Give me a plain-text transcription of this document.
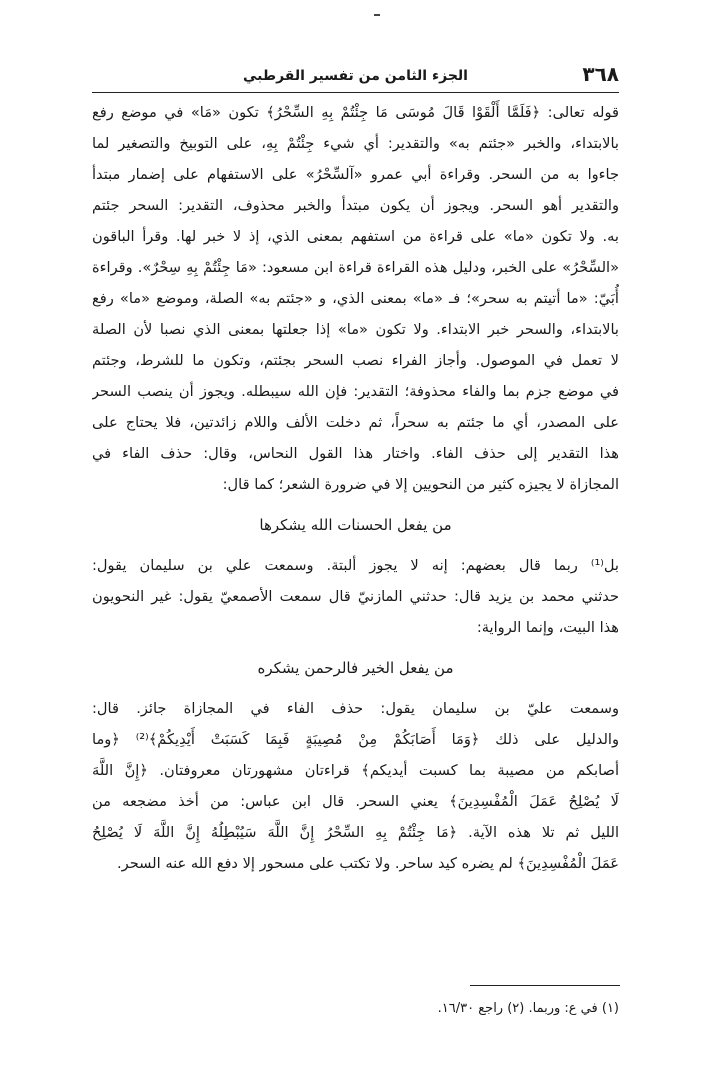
٣٦٨
الجزء الثامن من تفسير القرطبي
قوله تعالى: ﴿فَلَمَّا أَلْقَوْا قَالَ مُوسَى مَا جِئْتُمْ بِهِ السِّحْرُ﴾ تكون «مَا» في موضع رفع
بالابتداء، والخبر «جئتم به» والتقدير: أي شيء جِئْتُمْ بِهِ، على التوبيخ والتصغير لما
جاءوا به من السحر. وقراءة أبي عمرو «آلسِّحْرُ» على الاستفهام على إضمار مبتدأ
والتقدير أهو السحر. ويجوز أن يكون مبتدأ والخبر محذوف، التقدير: السحر جئتم
به. ولا تكون «ما» على قراءة من استفهم بمعنى الذي، إذ لا خبر لها. وقرأ الباقون
«السِّحْرُ» على الخبر، ودليل هذه القراءة قراءة ابن مسعود: «مَا جِئْتُمْ بِهِ سِحْرٌ». وقراءة
أُبَيّ: «ما أتيتم به سحر»؛ فـ «ما» بمعنى الذي، و «جئتم به» الصلة، وموضع «ما» رفع
بالابتداء، والسحر خبر الابتداء. ولا تكون «ما» إذا جعلتها بمعنى الذي نصبا لأن الصلة
لا تعمل في الموصول. وأجاز الفراء نصب السحر بجئتم، وتكون ما للشرط، وجئتم
في موضع جزم بما والفاء محذوفة؛ التقدير: فإن الله سيبطله. ويجوز أن ينصب السحر
على المصدر، أي ما جئتم به سحراً، ثم دخلت الألف واللام زائدتين، فلا يحتاج على
هذا التقدير إلى حذف الفاء. واختار هذا القول النحاس، وقال: حذف الفاء في
المجازاة لا يجيزه كثير من النحويين إلا في ضرورة الشعر؛ كما قال:
من يفعل الحسنات الله يشكرها
بل⁽¹⁾ ربما قال بعضهم: إنه لا يجوز ألبتة. وسمعت علي بن سليمان يقول:
حدثني محمد بن يزيد قال: حدثني المازنيّ قال سمعت الأصمعيّ يقول: غير النحويون
هذا البيت، وإنما الرواية:
من يفعل الخير فالرحمن يشكره
وسمعت عليّ بن سليمان يقول: حذف الفاء في المجازاة جائز. قال:
والدليل على ذلك ﴿وَمَا أَصَابَكُمْ مِنْ مُصِيبَةٍ فَبِمَا كَسَبَتْ أَيْدِيكُمْ﴾⁽²⁾ ﴿وما
أصابكم من مصيبة بما كسبت أيديكم﴾ قراءتان مشهورتان معروفتان. ﴿إِنَّ اللَّهَ
لَا يُصْلِحُ عَمَلَ الْمُفْسِدِينَ﴾ يعني السحر. قال ابن عباس: من أخذ مضجعه من
الليل ثم تلا هذه الآية. ﴿مَا جِئْتُمْ بِهِ السِّحْرُ إِنَّ اللَّهَ سَيُبْطِلُهُ إِنَّ اللَّهَ لَا يُصْلِحُ
عَمَلَ الْمُفْسِدِينَ﴾ لم يضره كيد ساحر. ولا تكتب على مسحور إلا دفع الله عنه السحر.
(١) في ع: وربما. (٢) راجع ١٦/٣٠.
